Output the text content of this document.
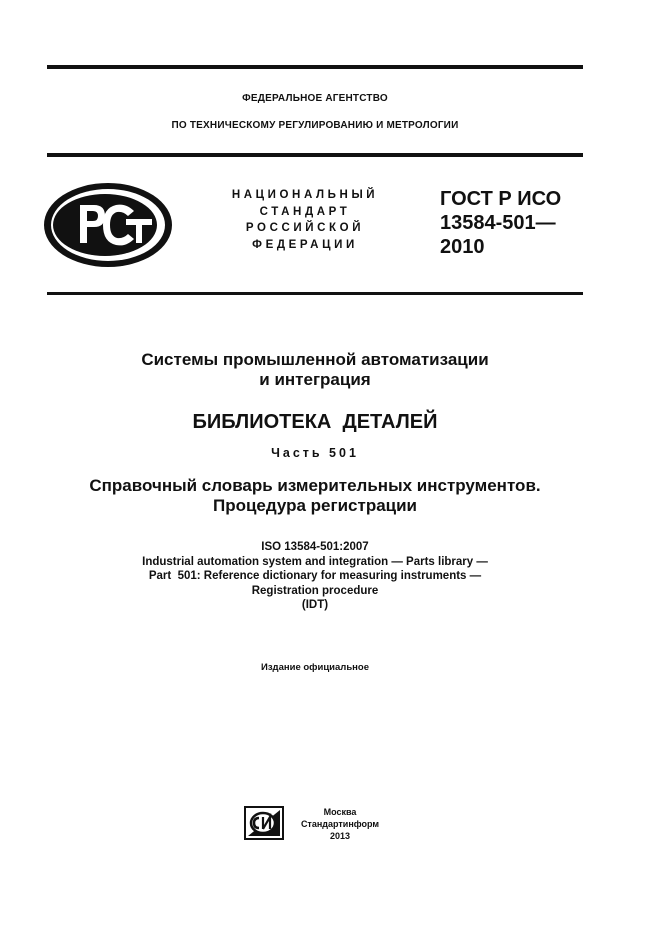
ФЕДЕРАЛЬНОЕ АГЕНТСТВО
ПО ТЕХНИЧЕСКОМУ РЕГУЛИРОВАНИЮ И МЕТРОЛОГИИ
НАЦИОНАЛЬНЫЙ
СТАНДАРТ
РОССИЙСКОЙ
ФЕДЕРАЦИИ
ГОСТ Р ИСО
13584-501—
2010
Системы промышленной автоматизации
и интеграция
БИБЛИОТЕКА  ДЕТАЛЕЙ
Часть 501
Справочный словарь измерительных инструментов.
Процедура регистрации
ISO 13584-501:2007
Industrial automation system and integration — Parts library —
Part  501: Reference dictionary for measuring instruments —
Registration procedure
(IDT)
Издание официальное
Москва
Стандартинформ
2013
